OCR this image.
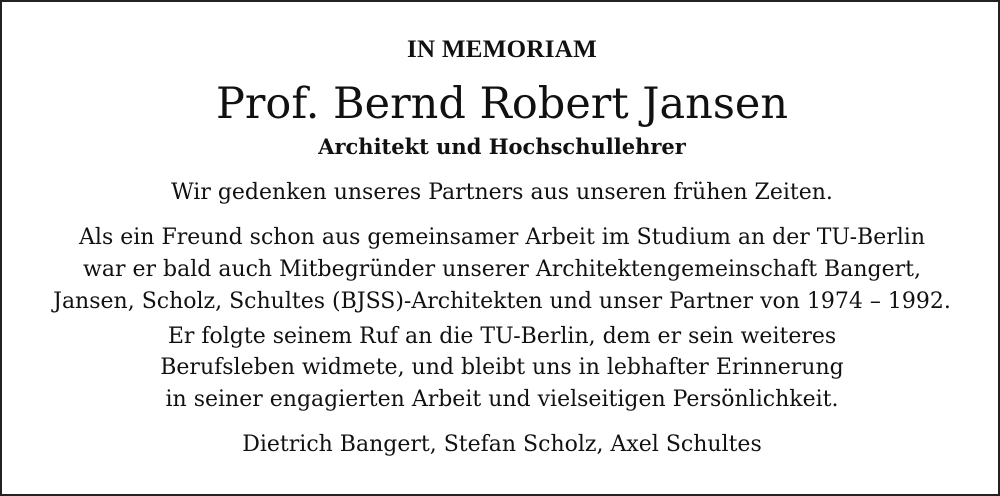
IN MEMORIAM

Prof. Bernd Robert Jansen

Architekt und Hochschullehrer

Wir gedenken unseres Partners aus unseren frühen Zeiten.

Als ein Freund schon aus gemeinsamer Arbeit im Studium an der TU-Berlin

war er bald auch Mitbegründer unserer Architektengemeinschaft Bangert,

Jansen, Scholz, Schultes (BJSS)-Architekten und unser Partner von 1974 – 1992.

Er folgte seinem Ruf an die TU-Berlin, dem er sein weiteres

Berufsleben widmete, und bleibt uns in lebhafter Erinnerung

in seiner engagierten Arbeit und vielseitigen Persönlichkeit.

Dietrich Bangert, Stefan Scholz, Axel Schultes
